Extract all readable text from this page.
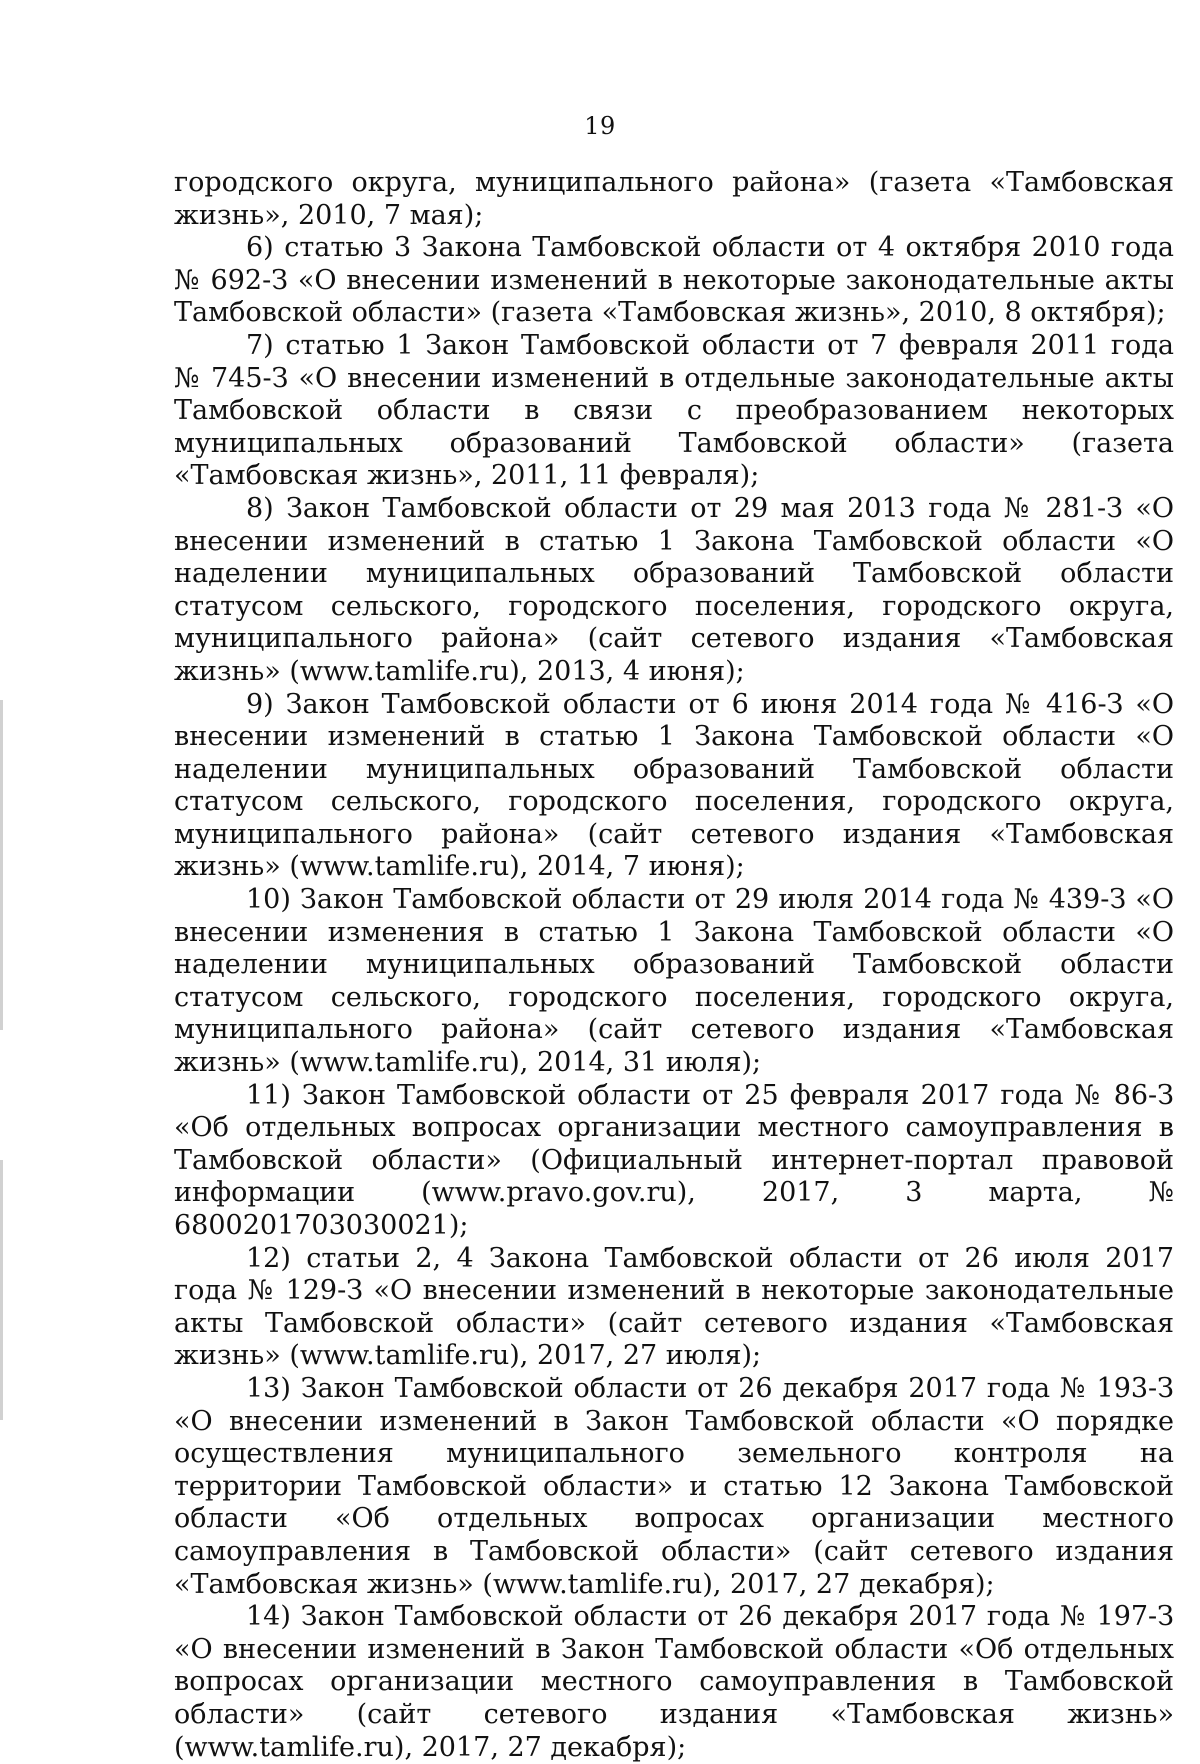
19

городского округа, муниципального района» (газета «Тамбовская жизнь», 2010, 7 мая);

6) статью 3 Закона Тамбовской области от 4 октября 2010 года № 692-З «О внесении изменений в некоторые законодательные акты Тамбовской области» (газета «Тамбовская жизнь», 2010, 8 октября);

7) статью 1 Закон Тамбовской области от 7 февраля 2011 года № 745-З «О внесении изменений в отдельные законодательные акты Тамбовской области в связи с преобразованием некоторых муниципальных образований Тамбовской области» (газета «Тамбовская жизнь», 2011, 11 февраля);

8) Закон Тамбовской области от 29 мая 2013 года № 281-З «О внесении изменений в статью 1 Закона Тамбовской области «О наделении муниципальных образований Тамбовской области статусом сельского, городского поселения, городского округа, муниципального района» (сайт сетевого издания «Тамбовская жизнь» (www.tamlife.ru), 2013, 4 июня);

9) Закон Тамбовской области от 6 июня 2014 года № 416-З «О внесении изменений в статью 1 Закона Тамбовской области «О наделении муниципальных образований Тамбовской области статусом сельского, городского поселения, городского округа, муниципального района» (сайт сетевого издания «Тамбовская жизнь» (www.tamlife.ru), 2014, 7 июня);

10) Закон Тамбовской области от 29 июля 2014 года № 439-З «О внесении изменения в статью 1 Закона Тамбовской области «О наделении муниципальных образований Тамбовской области статусом сельского, городского поселения, городского округа, муниципального района» (сайт сетевого издания «Тамбовская жизнь» (www.tamlife.ru), 2014, 31 июля);

11) Закон Тамбовской области от 25 февраля 2017 года № 86-З «Об отдельных вопросах организации местного самоуправления в Тамбовской области» (Официальный интернет-портал правовой информации (www.pravo.gov.ru), 2017, 3 марта, № 6800201703030021);

12) статьи 2, 4 Закона Тамбовской области от 26 июля 2017 года № 129-З «О внесении изменений в некоторые законодательные акты Тамбовской области» (сайт сетевого издания «Тамбовская жизнь» (www.tamlife.ru), 2017, 27 июля);

13) Закон Тамбовской области от 26 декабря 2017 года № 193-З «О внесении изменений в Закон Тамбовской области «О порядке осуществления муниципального земельного контроля на территории Тамбовской области» и статью 12 Закона Тамбовской области «Об отдельных вопросах организации местного самоуправления в Тамбовской области» (сайт сетевого издания «Тамбовская жизнь» (www.tamlife.ru), 2017, 27 декабря);

14) Закон Тамбовской области от 26 декабря 2017 года № 197-З «О внесении изменений в Закон Тамбовской области «Об отдельных вопросах организации местного самоуправления в Тамбовской области» (сайт сетевого издания «Тамбовская жизнь» (www.tamlife.ru), 2017, 27 декабря);
